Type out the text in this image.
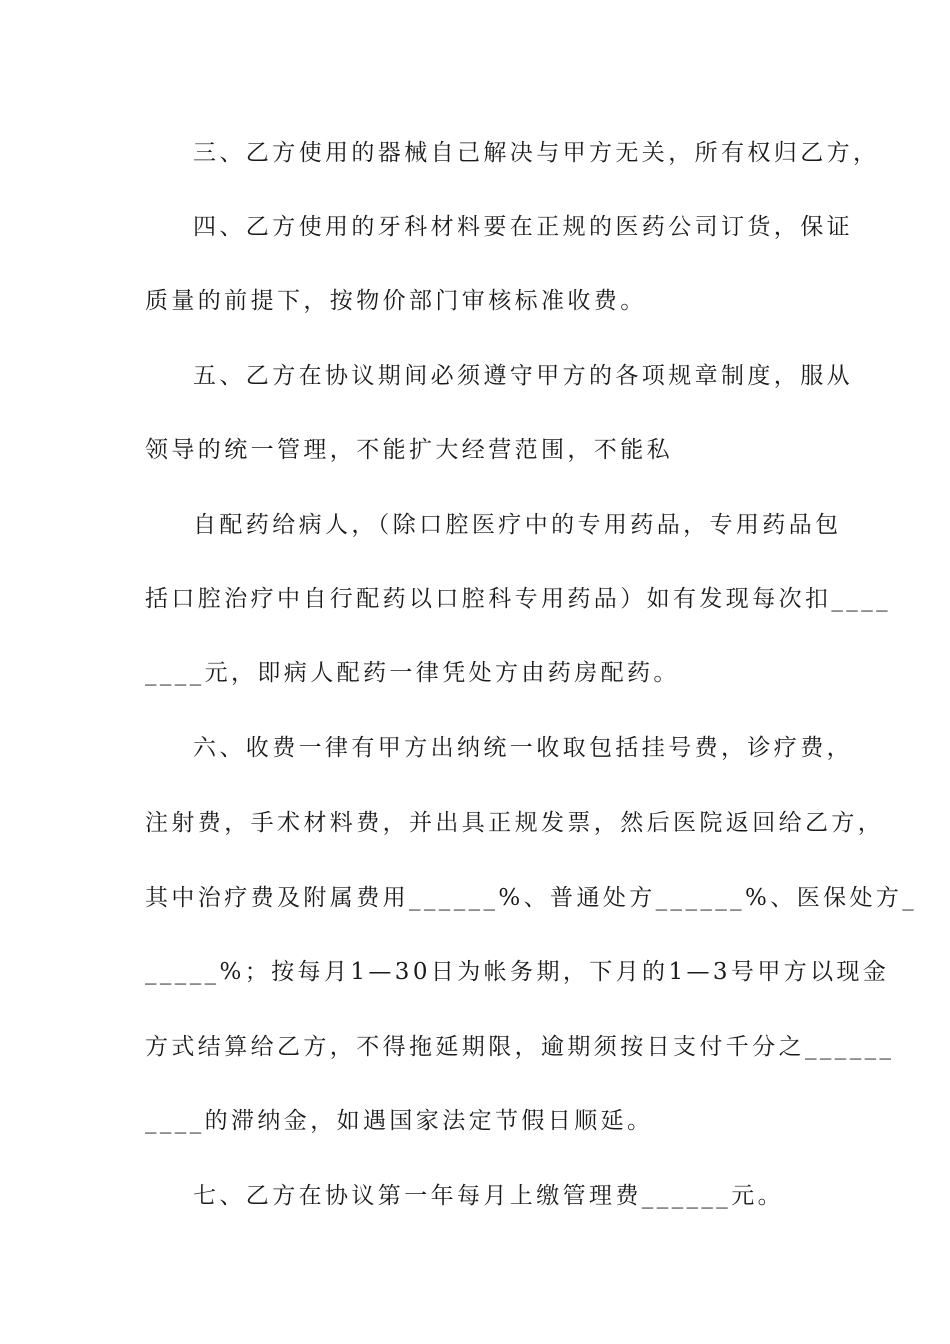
三、乙方使用的器械自己解决与甲方无关，所有权归乙方，

四、乙方使用的牙科材料要在正规的医药公司订货，保证

质量的前提下，按物价部门审核标准收费。

五、乙方在协议期间必须遵守甲方的各项规章制度，服从

领导的统一管理，不能扩大经营范围，不能私

自配药给病人，（除口腔医疗中的专用药品，专用药品包

括口腔治疗中自行配药以口腔科专用药品）如有发现每次扣____

____元，即病人配药一律凭处方由药房配药。

六、收费一律有甲方出纳统一收取包括挂号费，诊疗费，

注射费，手术材料费，并出具正规发票，然后医院返回给乙方，

其中治疗费及附属费用______%、普通处方______%、医保处方_

_____%；按每月1—30日为帐务期，下月的1—3号甲方以现金

方式结算给乙方，不得拖延期限，逾期须按日支付千分之______

____的滞纳金，如遇国家法定节假日顺延。

七、乙方在协议第一年每月上缴管理费______元。
